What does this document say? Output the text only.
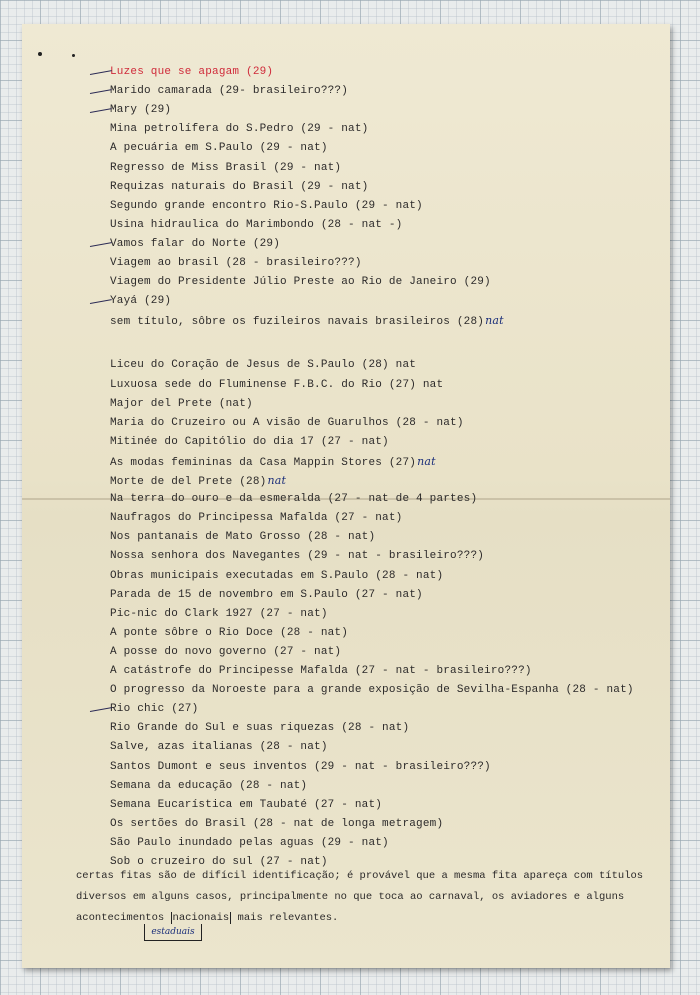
Luzes que se apagam (29)
Marido camarada (29- brasileiro???)
Mary (29)
Mina petrolífera do S.Pedro (29 - nat)
A pecuária em S.Paulo (29 - nat)
Regresso de Miss Brasil (29 - nat)
Requizas naturais do Brasil (29 - nat)
Segundo grande encontro Rio-S.Paulo (29 - nat)
Usina hidraulica do Marimbondo (28 - nat -)
Vamos falar do Norte (29)
Viagem ao brasil (28 - brasileiro???)
Viagem do Presidente Júlio Preste ao Rio de Janeiro (29)
Yayá (29)
sem título, sôbre os fuzileiros navais brasileiros (28)nat
Liceu do Coração de Jesus de S.Paulo (28) nat
Luxuosa sede do Fluminense F.B.C. do Rio (27) nat
Major del Prete (nat)
Maria do Cruzeiro ou A visão de Guarulhos (28 - nat)
Mitinée do Capitólio do dia 17 (27 - nat)
As modas femininas da Casa Mappin Stores (27)nat
Morte de del Prete (28)nat
Na terra do ouro e da esmeralda (27 - nat de 4 partes)
Naufragos do Principessa Mafalda (27 - nat)
Nos pantanais de Mato Grosso (28 - nat)
Nossa senhora dos Navegantes (29 - nat - brasileiro???)
Obras municipais executadas em S.Paulo (28 - nat)
Parada de 15 de novembro em S.Paulo (27 - nat)
Pic-nic do Clark 1927 (27 - nat)
A ponte sôbre o Rio Doce (28 - nat)
A posse do novo governo (27 - nat)
A catástrofe do Principesse Mafalda (27 - nat - brasileiro???)
O progresso da Noroeste para a grande exposição de Sevilha-Espanha (28 - nat)
Rio chic (27)
Rio Grande do Sul e suas riquezas (28 - nat)
Salve, azas italianas (28 - nat)
Santos Dumont e seus inventos (29 - nat - brasileiro???)
Semana da educação (28 - nat)
Semana Eucarística em Taubaté (27 - nat)
Os sertões do Brasil (28 - nat de longa metragem)
São Paulo inundado pelas aguas (29 - nat)
Sob o cruzeiro do sul (27 - nat)
certas fitas são de difícil identificação; é provável que a mesma fita apareça com títulos diversos em alguns casos, principalmente no que toca ao carnaval, os aviadores e alguns acontecimentos nacionais mais relevantes.
estaduais
